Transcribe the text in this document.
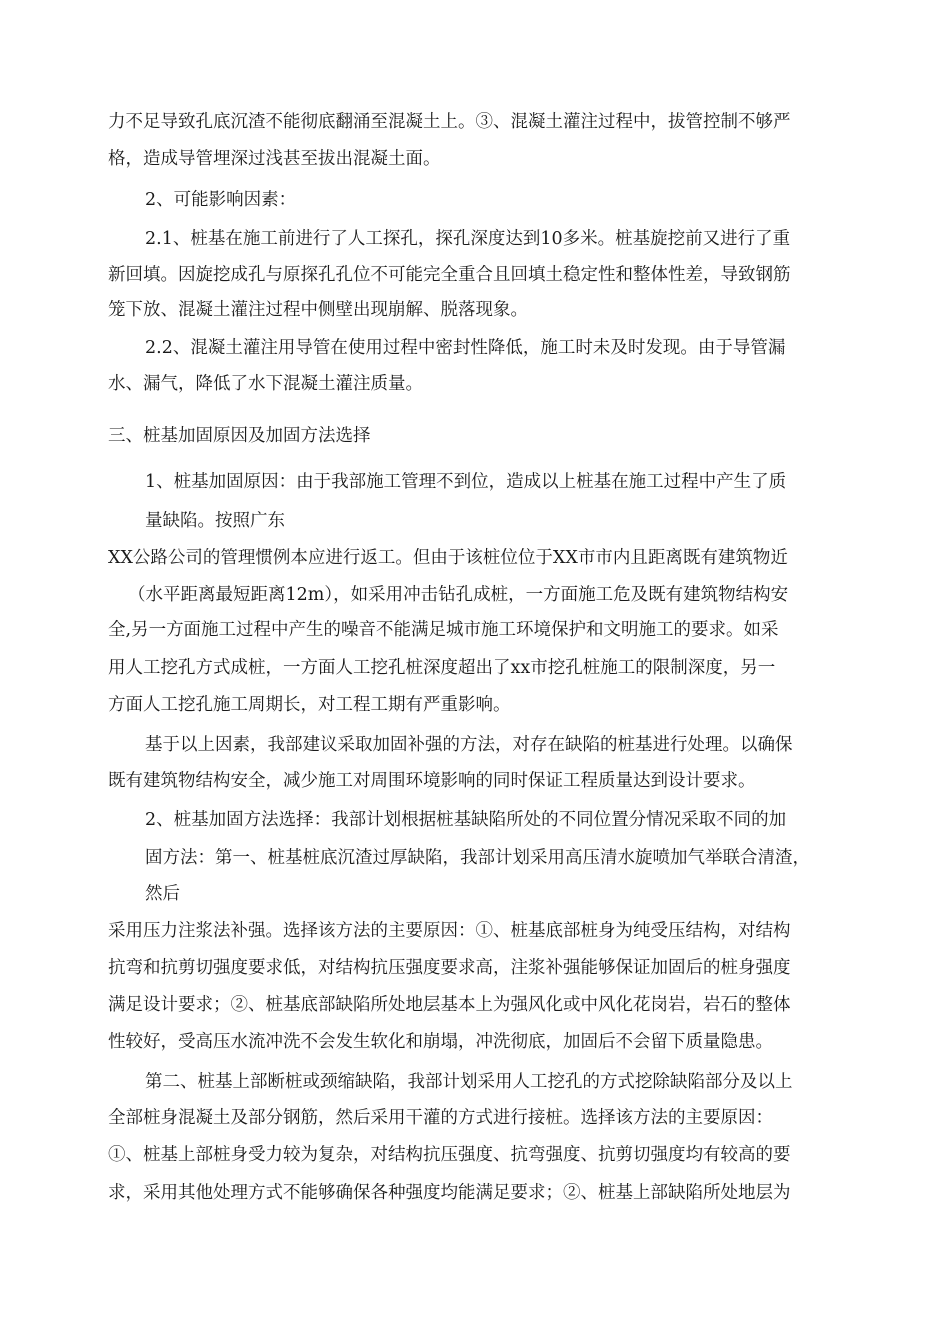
力不足导致孔底沉渣不能彻底翻涌至混凝土上。③、混凝土灌注过程中，拔管控制不够严
格，造成导管埋深过浅甚至拔出混凝土面。
2、可能影响因素：
2.1、桩基在施工前进行了人工探孔，探孔深度达到10多米。桩基旋挖前又进行了重
新回填。因旋挖成孔与原探孔孔位不可能完全重合且回填土稳定性和整体性差，导致钢筋
笼下放、混凝土灌注过程中侧壁出现崩解、脱落现象。
2.2、混凝土灌注用导管在使用过程中密封性降低，施工时未及时发现。由于导管漏
水、漏气，降低了水下混凝土灌注质量。
三、桩基加固原因及加固方法选择
1、桩基加固原因：由于我部施工管理不到位，造成以上桩基在施工过程中产生了质
量缺陷。按照广东
XX公路公司的管理惯例本应进行返工。但由于该桩位位于XX市市内且距离既有建筑物近
（水平距离最短距离12m），如采用冲击钻孔成桩，一方面施工危及既有建筑物结构安
全,另一方面施工过程中产生的噪音不能满足城市施工环境保护和文明施工的要求。如采
用人工挖孔方式成桩，一方面人工挖孔桩深度超出了xx市挖孔桩施工的限制深度，另一
方面人工挖孔施工周期长，对工程工期有严重影响。
基于以上因素，我部建议采取加固补强的方法，对存在缺陷的桩基进行处理。以确保
既有建筑物结构安全，减少施工对周围环境影响的同时保证工程质量达到设计要求。
2、桩基加固方法选择：我部计划根据桩基缺陷所处的不同位置分情况采取不同的加
固方法：第一、桩基桩底沉渣过厚缺陷，我部计划采用高压清水旋喷加气举联合清渣，
然后
采用压力注浆法补强。选择该方法的主要原因：①、桩基底部桩身为纯受压结构，对结构
抗弯和抗剪切强度要求低，对结构抗压强度要求高，注浆补强能够保证加固后的桩身强度
满足设计要求；②、桩基底部缺陷所处地层基本上为强风化或中风化花岗岩，岩石的整体
性较好，受高压水流冲洗不会发生软化和崩塌，冲洗彻底，加固后不会留下质量隐患。
第二、桩基上部断桩或颈缩缺陷，我部计划采用人工挖孔的方式挖除缺陷部分及以上
全部桩身混凝土及部分钢筋，然后采用干灌的方式进行接桩。选择该方法的主要原因：
①、桩基上部桩身受力较为复杂，对结构抗压强度、抗弯强度、抗剪切强度均有较高的要
求，采用其他处理方式不能够确保各种强度均能满足要求；②、桩基上部缺陷所处地层为
